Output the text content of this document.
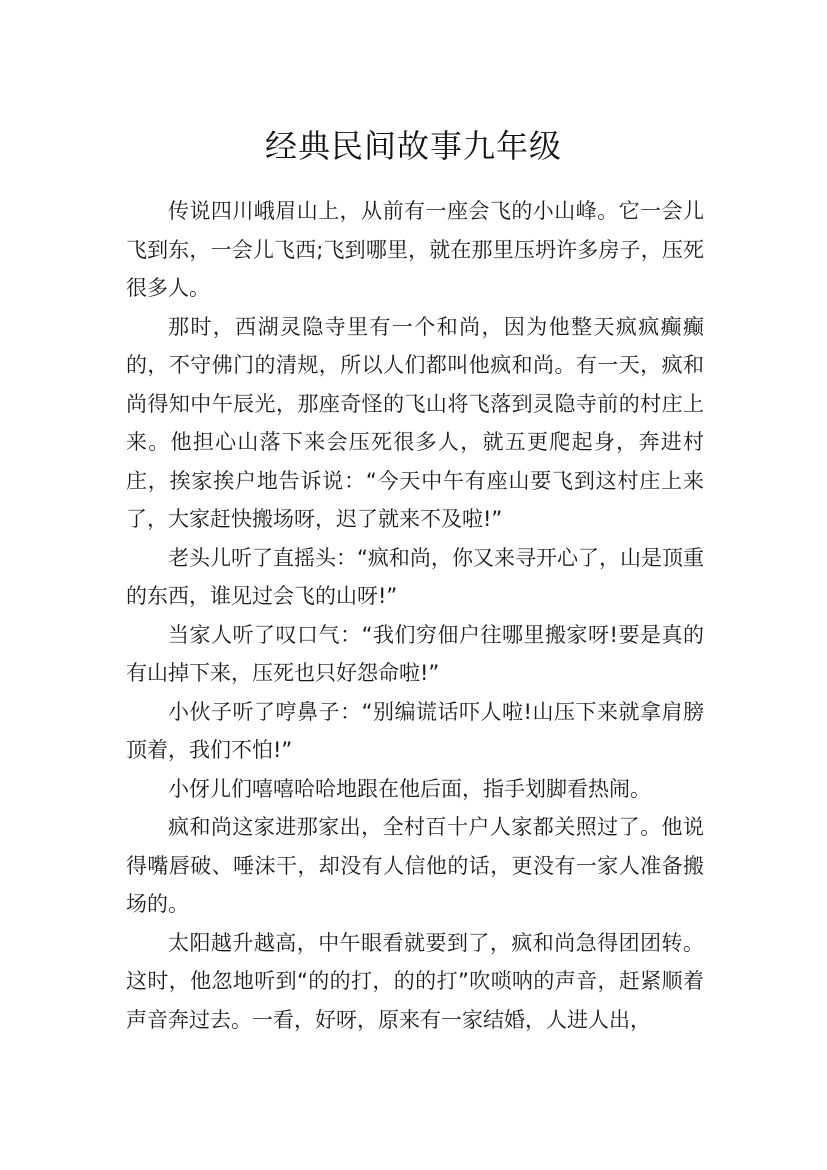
经典民间故事九年级

传说四川峨眉山上，从前有一座会飞的小山峰。它一会儿飞到东，一会儿飞西;飞到哪里，就在那里压坍许多房子，压死很多人。

那时，西湖灵隐寺里有一个和尚，因为他整天疯疯癫癫的，不守佛门的清规，所以人们都叫他疯和尚。有一天，疯和尚得知中午辰光，那座奇怪的飞山将飞落到灵隐寺前的村庄上来。他担心山落下来会压死很多人，就五更爬起身，奔进村庄，挨家挨户地告诉说：“今天中午有座山要飞到这村庄上来了，大家赶快搬场呀，迟了就来不及啦!”

老头儿听了直摇头：“疯和尚，你又来寻开心了，山是顶重的东西，谁见过会飞的山呀!”

当家人听了叹口气：“我们穷佃户往哪里搬家呀!要是真的有山掉下来，压死也只好怨命啦!”

小伙子听了哼鼻子：“别编谎话吓人啦!山压下来就拿肩膀顶着，我们不怕!”

小伢儿们嘻嘻哈哈地跟在他后面，指手划脚看热闹。

疯和尚这家进那家出，全村百十户人家都关照过了。他说得嘴唇破、唾沫干，却没有人信他的话，更没有一家人准备搬场的。

太阳越升越高，中午眼看就要到了，疯和尚急得团团转。这时，他忽地听到“的的打，的的打”吹唢呐的声音，赶紧顺着声音奔过去。一看，好呀，原来有一家结婚，人进人出，
